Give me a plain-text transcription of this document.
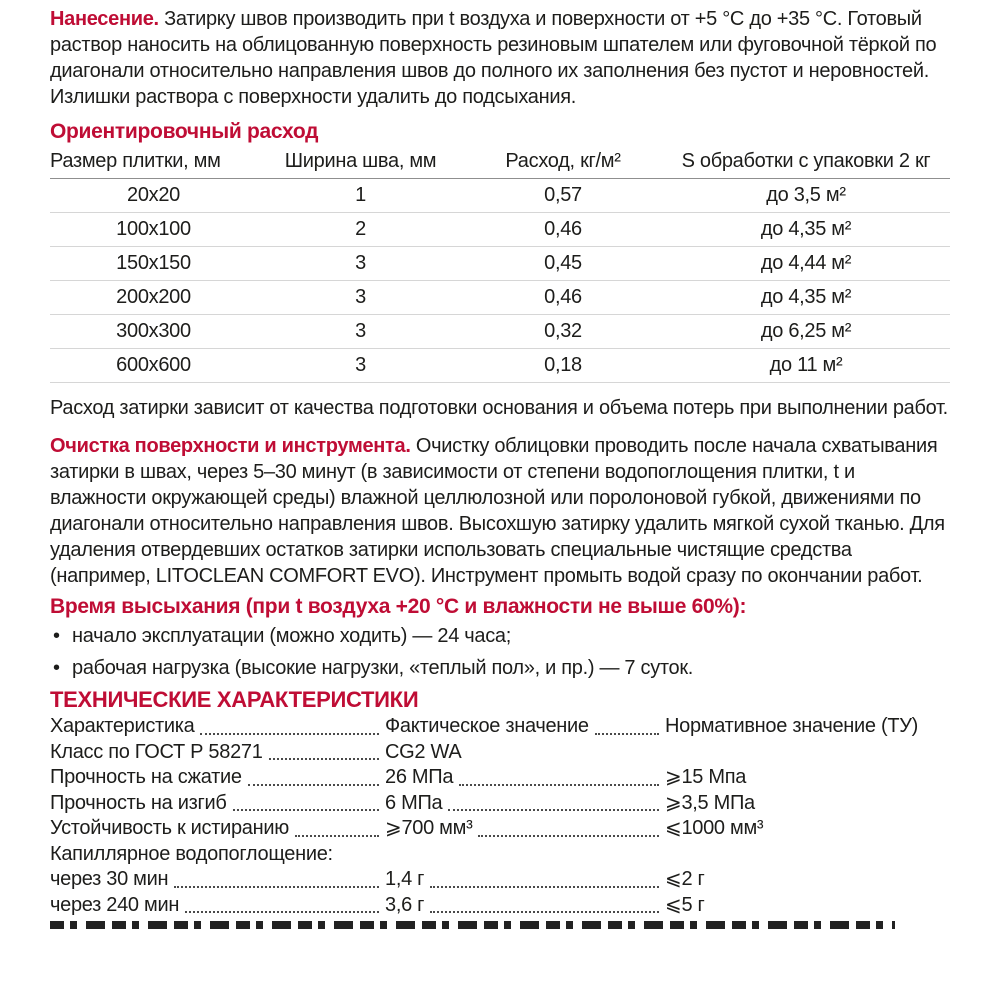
Нанесение. Затирку швов производить при t воздуха и поверхности от +5 °C до +35 °C. Готовый раствор наносить на облицованную поверхность резиновым шпателем или фуговочной тёркой по диагонали относительно направления швов до полного их заполнения без пустот и неровностей. Излишки раствора с поверхности удалить до подсыхания.

Ориентировочный расход
Размер плитки, мм	Ширина шва, мм	Расход, кг/м²	S обработки с упаковки 2 кг
20x20	1	0,57	до 3,5 м²
100x100	2	0,46	до 4,35 м²
150x150	3	0,45	до 4,44 м²
200x200	3	0,46	до 4,35 м²
300x300	3	0,32	до 6,25 м²
600x600	3	0,18	до 11 м²

Расход затирки зависит от качества подготовки основания и объема потерь при выполнении работ.

Очистка поверхности и инструмента. Очистку облицовки проводить после начала схватывания затирки в швах, через 5–30 минут (в зависимости от степени водопоглощения плитки, t и влажности окружающей среды) влажной целлюлозной или поролоновой губкой, движениями по диагонали относительно направления швов. Высохшую затирку удалить мягкой сухой тканью. Для удаления отвердевших остатков затирки использовать специальные чистящие средства (например, LITOCLEAN COMFORT EVO). Инструмент промыть водой сразу по окончании работ.

Время высыхания (при t воздуха +20 °C и влажности не выше 60%):
• начало эксплуатации (можно ходить) — 24 часа;
• рабочая нагрузка (высокие нагрузки, «теплый пол», и пр.) — 7 суток.
ТЕХНИЧЕСКИЕ ХАРАКТЕРИСТИКИ
Характеристика	Фактическое значение	Нормативное значение (ТУ)
Класс по ГОСТ Р 58271	CG2 WA
Прочность на сжатие	26 МПа	⩾15 Мпа
Прочность на изгиб	6 МПа	⩾3,5 МПа
Устойчивость к истиранию	⩾700 мм³	⩽1000 мм³
Капиллярное водопоглощение:
через 30 мин	1,4 г	⩽2 г
через 240 мин	3,6 г	⩽5 г
